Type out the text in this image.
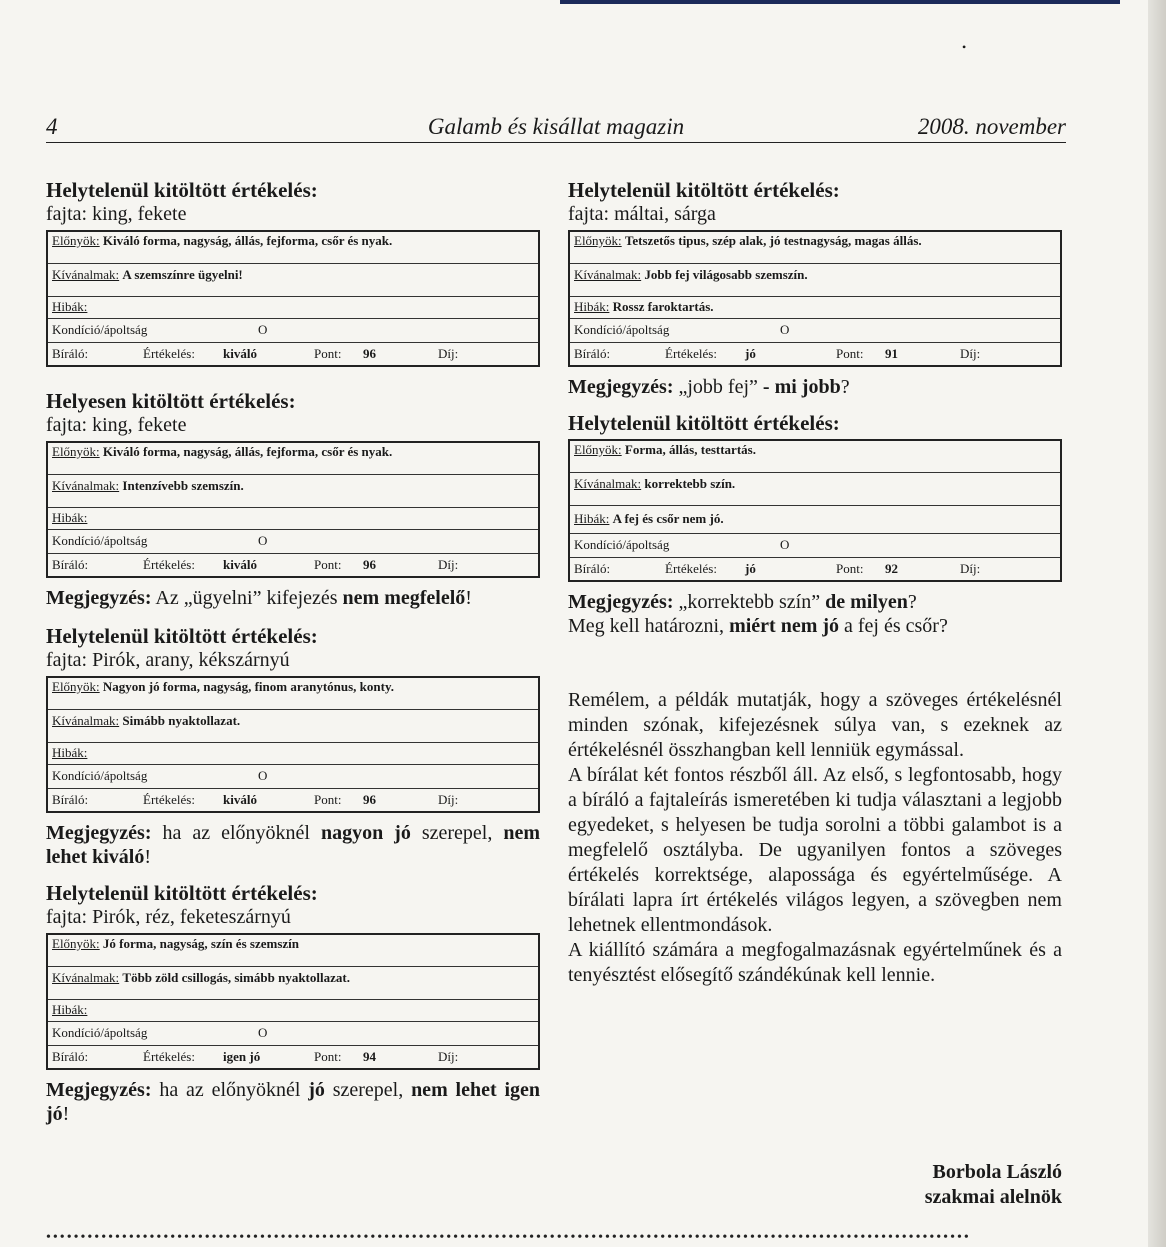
•
4	Galamb és kisállat magazin	2008. november

Helytelenül kitöltött értékelés:

fajta: king, fekete

Előnyök: Kiváló forma, nagyság, állás, fejforma, csőr és nyak.
Kívánalmak: A szemszínre ügyelni!
Hibák:
Kondíció/ápoltság	O
Bíráló:	Értékelés: kiváló	Pont: 96	Díj:

Helyesen kitöltött értékelés:

fajta: king, fekete

Előnyök: Kiváló forma, nagyság, állás, fejforma, csőr és nyak.
Kívánalmak: Intenzívebb szemszín.
Hibák:
Kondíció/ápoltság	O
Bíráló:	Értékelés: kiváló	Pont: 96	Díj:

Megjegyzés: Az „ügyelni” kifejezés nem megfelelő!

Helytelenül kitöltött értékelés:

fajta: Pirók, arany, kékszárnyú

Előnyök: Nagyon jó forma, nagyság, finom aranytónus, konty.
Kívánalmak: Simább nyaktollazat.
Hibák:
Kondíció/ápoltság	O
Bíráló:	Értékelés: kiváló	Pont: 96	Díj:

Megjegyzés: ha az előnyöknél nagyon jó szerepel, nem lehet kiváló!

Helytelenül kitöltött értékelés:

fajta: Pirók, réz, feketeszárnyú

Előnyök: Jó forma, nagyság, szín és szemszín
Kívánalmak: Több zöld csillogás, simább nyaktollazat.
Hibák:
Kondíció/ápoltság	O
Bíráló:	Értékelés: igen jó	Pont: 94	Díj:

Megjegyzés: ha az előnyöknél jó szerepel, nem lehet igen jó!

Helytelenül kitöltött értékelés:

fajta: máltai, sárga

Előnyök: Tetszetős tipus, szép alak, jó testnagyság, magas állás.
Kívánalmak: Jobb fej világosabb szemszín.
Hibák: Rossz faroktartás.
Kondíció/ápoltság	O
Bíráló:	Értékelés: jó	Pont: 91	Díj:

Megjegyzés: „jobb fej” - mi jobb?

Helytelenül kitöltött értékelés:

Előnyök: Forma, állás, testtartás.
Kívánalmak: korrektebb szín.
Hibák: A fej és csőr nem jó.
Kondíció/ápoltság	O
Bíráló:	Értékelés: jó	Pont: 92	Díj:

Megjegyzés: „korrektebb szín” de milyen?
Meg kell határozni, miért nem jó a fej és csőr?

Remélem, a példák mutatják, hogy a szöveges értékelésnél minden szónak, kifejezésnek súlya van, s ezeknek az értékelésnél összhangban kell lenniük egymással.

A bírálat két fontos részből áll. Az első, s legfontosabb, hogy a bíráló a fajtaleírás ismeretében ki tudja választani a legjobb egyedeket, s helyesen be tudja sorolni a többi galambot is a megfelelő osztályba. De ugyanilyen fontos a szöveges értékelés korrektsége, alapossága és egyértelműsége. A bírálati lapra írt értékelés világos legyen, a szövegben nem lehetnek ellentmondások.

A kiállító számára a megfogalmazásnak egyértelműnek és a tenyésztést elősegítő szándékúnak kell lennie.

Borbola László
szakmai alelnök
••••••••••••••••••••••••••••••••••••••••••••••••••••••••••••••••••••••••••••••••••••••••••••••••••••••••••••••••••••••••••••••••••••••
